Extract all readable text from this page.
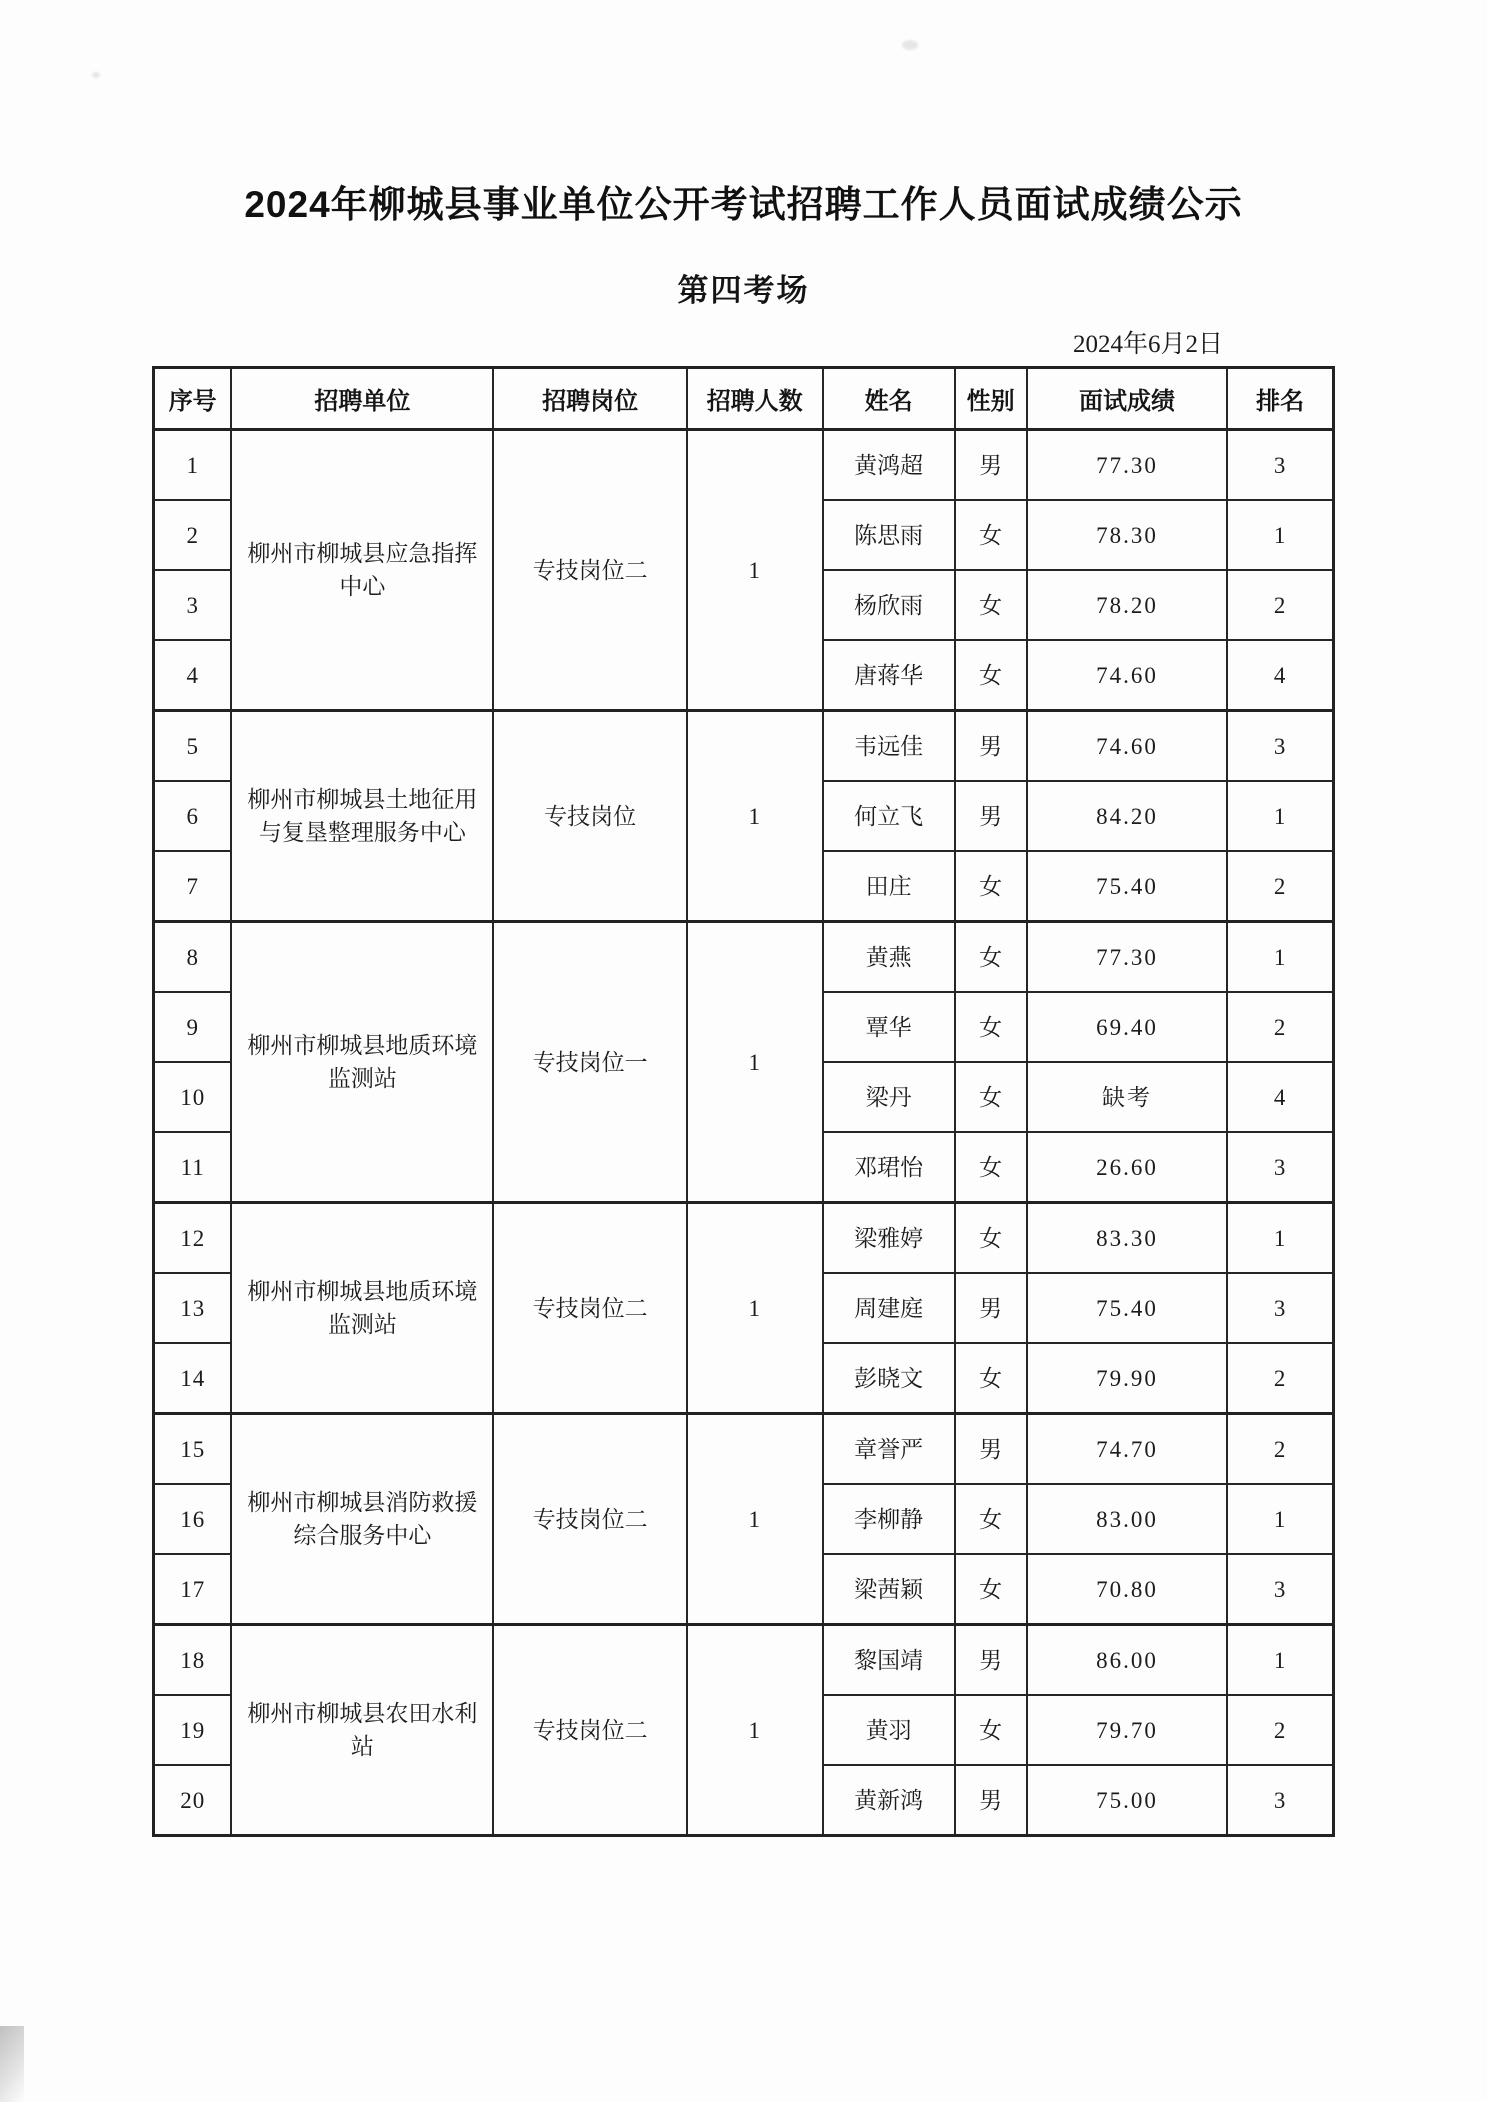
2024年柳城县事业单位公开考试招聘工作人员面试成绩公示
第四考场
2024年6月2日
序号	招聘单位	招聘岗位	招聘人数	姓名	性别	面试成绩	排名
1	柳州市柳城县应急指挥中心	专技岗位二	1	黄鸿超	男	77.30	3
2				陈思雨	女	78.30	1
3				杨欣雨	女	78.20	2
4				唐蒋华	女	74.60	4
5	柳州市柳城县土地征用与复垦整理服务中心	专技岗位	1	韦远佳	男	74.60	3
6				何立飞	男	84.20	1
7				田庄	女	75.40	2
8	柳州市柳城县地质环境监测站	专技岗位一	1	黄燕	女	77.30	1
9				覃华	女	69.40	2
10				梁丹	女	缺考	4
11				邓珺怡	女	26.60	3
12	柳州市柳城县地质环境监测站	专技岗位二	1	梁雅婷	女	83.30	1
13				周建庭	男	75.40	3
14				彭晓文	女	79.90	2
15	柳州市柳城县消防救援综合服务中心	专技岗位二	1	章誉严	男	74.70	2
16				李柳静	女	83.00	1
17				梁茜颖	女	70.80	3
18	柳州市柳城县农田水利站	专技岗位二	1	黎国靖	男	86.00	1
19				黄羽	女	79.70	2
20				黄新鸿	男	75.00	3
